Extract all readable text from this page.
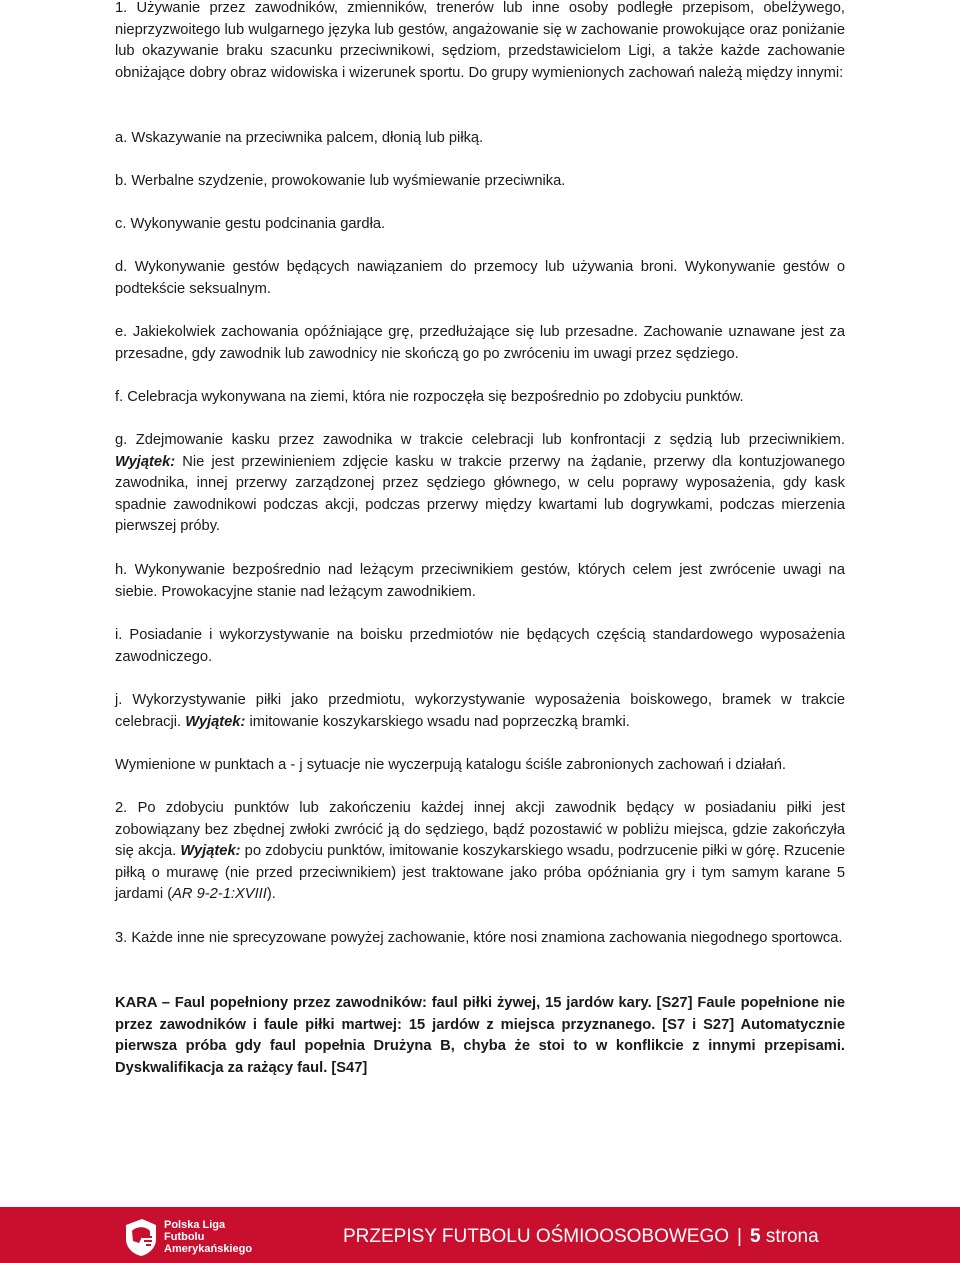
1. Używanie przez zawodników, zmienników, trenerów lub inne osoby podległe przepisom, obelżywego, nieprzyzwoitego lub wulgarnego języka lub gestów, angażowanie się w zachowanie prowokujące oraz poniżanie lub okazywanie braku szacunku przeciwnikowi, sędziom, przedstawicielom Ligi, a także każde zachowanie obniżające dobry obraz widowiska i wizerunek sportu. Do grupy wymienionych zachowań należą między innymi:

a. Wskazywanie na przeciwnika palcem, dłonią lub piłką.

b. Werbalne szydzenie, prowokowanie lub wyśmiewanie przeciwnika.

c. Wykonywanie gestu podcinania gardła.

d. Wykonywanie gestów będących nawiązaniem do przemocy lub używania broni. Wykonywanie gestów o podtekście seksualnym.

e. Jakiekolwiek zachowania opóźniające grę, przedłużające się lub przesadne. Zachowanie uznawane jest za przesadne, gdy zawodnik lub zawodnicy nie skończą go po zwróceniu im uwagi przez sędziego.

f. Celebracja wykonywana na ziemi, która nie rozpoczęła się bezpośrednio po zdobyciu punktów.

g. Zdejmowanie kasku przez zawodnika w trakcie celebracji lub konfrontacji z sędzią lub przeciwnikiem. Wyjątek: Nie jest przewinieniem zdjęcie kasku w trakcie przerwy na żądanie, przerwy dla kontuzjowanego zawodnika, innej przerwy zarządzonej przez sędziego głównego, w celu poprawy wyposażenia, gdy kask spadnie zawodnikowi podczas akcji, podczas przerwy między kwartami lub dogrywkami, podczas mierzenia pierwszej próby.

h. Wykonywanie bezpośrednio nad leżącym przeciwnikiem gestów, których celem jest zwrócenie uwagi na siebie. Prowokacyjne stanie nad leżącym zawodnikiem.

i. Posiadanie i wykorzystywanie na boisku przedmiotów nie będących częścią standardowego wyposażenia zawodniczego.

j. Wykorzystywanie piłki jako przedmiotu, wykorzystywanie wyposażenia boiskowego, bramek w trakcie celebracji. Wyjątek: imitowanie koszykarskiego wsadu nad poprzeczką bramki.

Wymienione w punktach a - j sytuacje nie wyczerpują katalogu ściśle zabronionych zachowań i działań.

2. Po zdobyciu punktów lub zakończeniu każdej innej akcji zawodnik będący w posiadaniu piłki jest zobowiązany bez zbędnej zwłoki zwrócić ją do sędziego, bądź pozostawić w pobliżu miejsca, gdzie zakończyła się akcja. Wyjątek: po zdobyciu punktów, imitowanie koszykarskiego wsadu, podrzucenie piłki w górę. Rzucenie piłką o murawę (nie przed przeciwnikiem) jest traktowane jako próba opóźniania gry i tym samym karane 5 jardami (AR 9-2-1:XVIII).

3. Każde inne nie sprecyzowane powyżej zachowanie, które nosi znamiona zachowania niegodnego sportowca.

KARA – Faul popełniony przez zawodników: faul piłki żywej, 15 jardów kary. [S27] Faule popełnione nie przez zawodników i faule piłki martwej: 15 jardów z miejsca przyznanego. [S7 i S27] Automatycznie pierwsza próba gdy faul popełnia Drużyna B, chyba że stoi to w konflikcie z innymi przepisami. Dyskwalifikacja za rażący faul. [S47]

Polska Liga
Futbolu
Amerykańskiego
PRZEPISY FUTBOLU OŚMIOOSOBOWEGO | 5 strona
